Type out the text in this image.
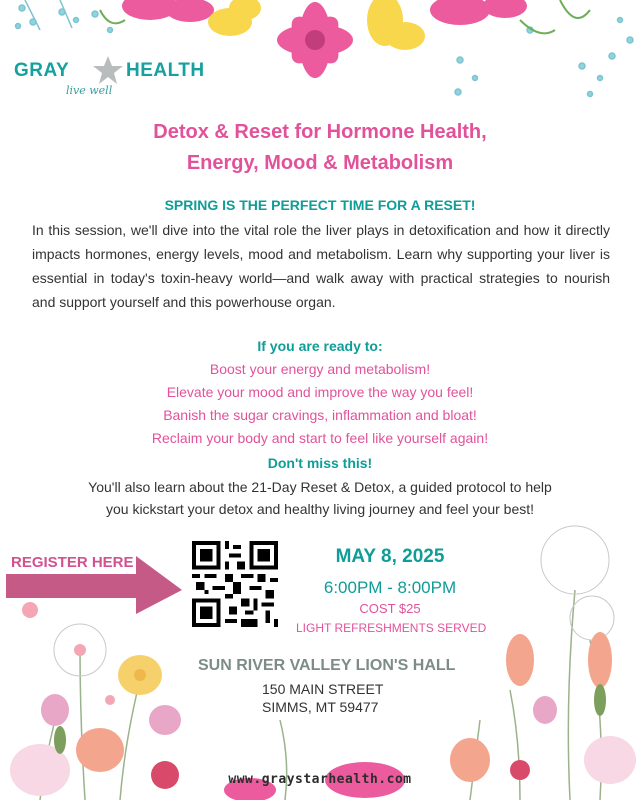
GRAY	HEALTH
live well
Detox & Reset for Hormone Health,
Energy, Mood & Metabolism
SPRING IS THE PERFECT TIME FOR A RESET!
In this session, we'll dive into the vital role the liver plays in detoxification and how it directly impacts hormones, energy levels, mood and metabolism. Learn why supporting your liver is essential in today's toxin-heavy world—and walk away with practical strategies to nourish and support yourself and this powerhouse organ.
If you are ready to:
Boost your energy and metabolism!
Elevate your mood and improve the way you feel!
Banish the sugar cravings, inflammation and bloat!
Reclaim your body and start to feel like yourself again!
Don't miss this!
You'll also learn about the 21-Day Reset & Detox, a guided protocol to help
you kickstart your detox and healthy living journey and feel your best!
REGISTER HERE	MAY 8, 2025
6:00PM - 8:00PM
COST $25
LIGHT REFRESHMENTS SERVED
SUN RIVER VALLEY LION'S HALL
150 MAIN STREET
SIMMS, MT 59477
www.graystarhealth.com
